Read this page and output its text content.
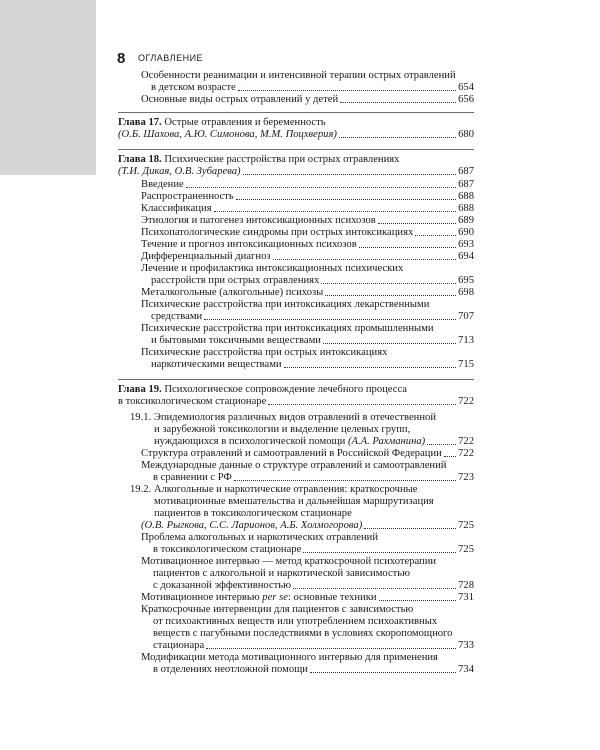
8 ОГЛАВЛЕНИЕ
Особенности реанимации и интенсивной терапии острых отравлений
в детском возрасте	654
Основные виды острых отравлений у детей	656
Глава 17. Острые отравления и беременность
(О.Б. Шахова, А.Ю. Симонова, М.М. Поцхверия)	680
Глава 18. Психические расстройства при острых отравлениях
(Т.И. Дикая, О.В. Зубарева)	687
Введение	687
Распространенность	688
Классификация	688
Этиология и патогенез интоксикационных психозов	689
Психопатологические синдромы при острых интоксикациях	690
Течение и прогноз интоксикационных психозов	693
Дифференциальный диагноз	694
Лечение и профилактика интоксикационных психических
расстройств при острых отравлениях	695
Металкогольные (алкогольные) психозы	698
Психические расстройства при интоксикациях лекарственными
средствами	707
Психические расстройства при интоксикациях промышленными
и бытовыми токсичными веществами	713
Психические расстройства при острых интоксикациях
наркотическими веществами	715
Глава 19. Психологическое сопровождение лечебного процесса
в токсикологическом стационаре	722
19.1. Эпидемиология различных видов отравлений в отечественной
и зарубежной токсикологии и выделение целевых групп,
нуждающихся в психологической помощи (А.А. Рахманина)	722
Структура отравлений и самоотравлений в Российской Федерации 722
Международные данные о структуре отравлений и самоотравлений
в сравнении с РФ	723
19.2. Алкогольные и наркотические отравления: краткосрочные
мотивационные вмешательства и дальнейшая маршрутизация
пациентов в токсикологическом стационаре
(О.В. Рыгкова, С.С. Ларионов, А.Б. Холмогорова)	725
Проблема алкогольных и наркотических отравлений
в токсикологическом стационаре	725
Мотивационное интервью — метод краткосрочной психотерапии
пациентов с алкогольной и наркотической зависимостью
с доказанной эффективностью	728
Мотивационное интервью per se: основные техники	731
Краткосрочные интервенции для пациентов с зависимостью
от психоактивных веществ или употреблением психоактивных
веществ с пагубными последствиями в условиях скоропомощного
стационара	733
Модификации метода мотивационного интервью для применения
в отделениях неотложной помощи	734
